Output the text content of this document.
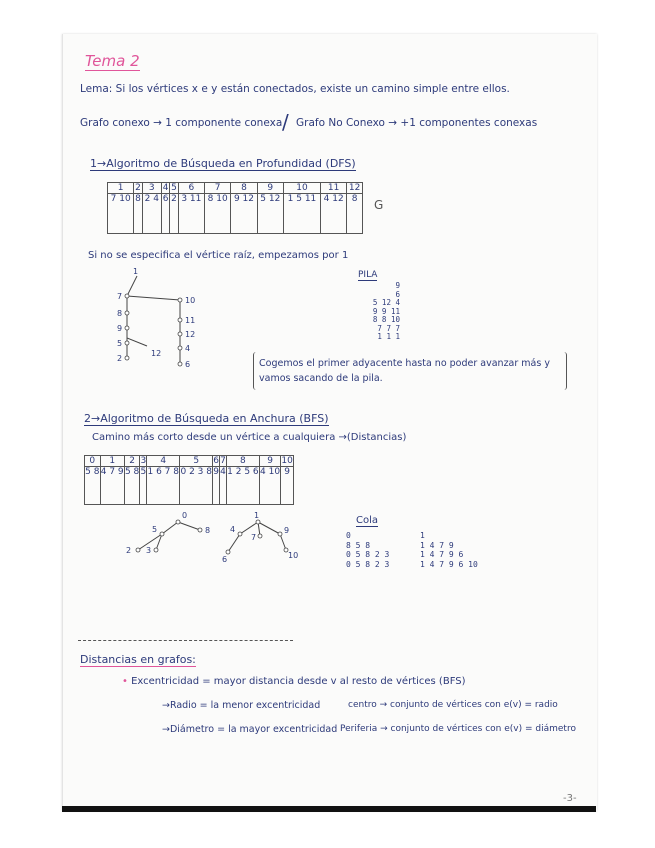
Tema 2
Lema: Si los vértices x e y están conectados, existe un camino simple entre ellos.
Grafo conexo → 1 componente conexa / Grafo No Conexo → +1 componentes conexas
1→Algoritmo de Búsqueda en Profundidad (DFS)
1	2	3	4	5	6	7	8	9	10	11	12
7 10	8	2 4	6	2	3 11	8 10	9 12	5 12	1 5 11	4 12	8 G
Si no se especifica el vértice raíz, empezamos por 1
1
7
8
9
5
2
10
11
12
4
6
12
PILA
9
6
5 12 4
9 9 11
8 8 10
7 7 7
1 1 1
Cogemos el primer adyacente hasta no poder avanzar más y vamos sacando de la pila.
2→Algoritmo de Búsqueda en Anchura (BFS)
Camino más corto desde un vértice a cualquiera →(Distancias)
0	1	2	3	4	5	6	7	8	9	10
5 8	4 7 9	5 8	5	1 6 7 8	0 2 3 8	9	4	1 2 5 6	4 10	9
0
5	8
2 3
1
4
7
9
6	10
Cola
0
8 5 8
0 5 8 2 3
0 5 8 2 3
1
1 4 7 9
1 4 7 9 6
1 4 7 9 6 10
Distancias en grafos:
• Excentricidad = mayor distancia desde v al resto de vértices (BFS)
→Radio = la menor excentricidad	centro → conjunto de vértices con e(v) = radio
→Diámetro = la mayor excentricidad Periferia → conjunto de vértices con e(v) = diámetro
-3-
